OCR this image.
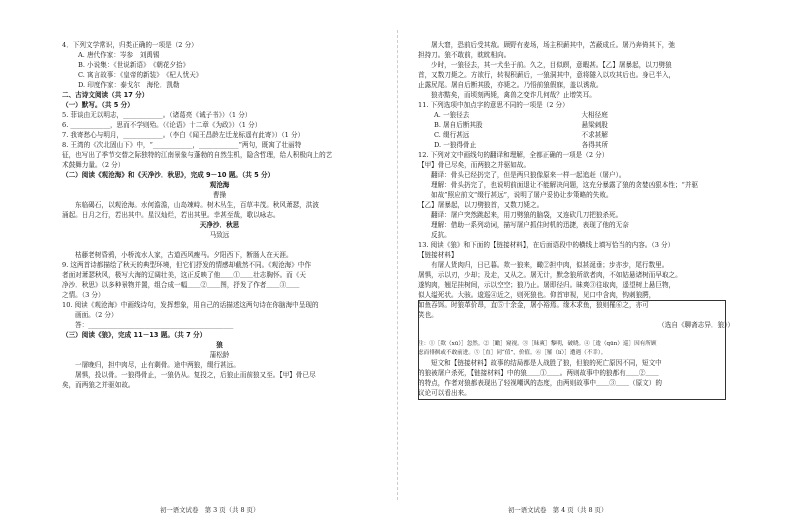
4．下列文学常识，归类正确的一项是（2 分）
A. 唐代作家：岑参　刘禹锡
B. 小说集：《世说新语》　《朝花夕拾》
C. 寓言故事：《皇帝的新装》　《杞人忧天》
D. 印度作家：泰戈尔　海伦．凯勒
二、古诗文阅读（共 17 分）
（一）默写。（共 5 分）
5. 菲谈由无以明志，____________。（诸葛亮《诫子书》）（1 分）
6. ____________，思而不学则殆。（《论语》十二章《为政》）（1 分）
7. 我寄愁心与明月，____________。（李白《闻王昌龄左迁龙标遥有此寄》）（1 分）
8. 王湾的《次北固山下》中，“____________，____________”两句，既寓了壮丽特
征，也写出了季节交替之际独特的江南景象与蓬勃的自然生机，隐含哲理，给人积极向上的艺
术鼓舞力量。（2 分）
（二）阅读《观沧海》和《天净沙．秋思》，完成 9－10 题。（共 5 分）
观沧海
曹操
东临碣石，以观沧海。水何澹澹，山岛竦峙。树木丛生，百草丰茂。秋风萧瑟，洪波
涌起。日月之行，若出其中。星汉灿烂，若出其里。幸甚至哉，歌以咏志。
天净沙．秋思
马致远
枯藤老树昏鸦，小桥流水人家，古道西风瘦马。夕阳西下，断肠人在天涯。
9. 这两首诗都描绘了秋天的典型环境，但它们抒发的情感却截然不同。《观沧海》中作
者面对萧瑟秋风，极写大海的辽阔壮美，这正反映了他＿＿①＿＿壮志胸怀。而《天
净沙．秋思》以多种景物并置，组合成一幅＿＿②＿＿图，抒发了作者＿＿③＿＿
之情。（3 分）
10. 阅读《观沧海》中画线诗句，发挥想象，用自己的话描述这两句诗在你脑海中呈现的
画面。（2 分）
答：____________________________________________
（三）阅读《狼》，完成 11－13 题。（共 7 分）
狼
蒲松龄
一屠晚归，担中肉尽，止有剩骨。途中两狼，缀行甚远。
屠惧，投以骨。一狼得骨止，一狼仍从。复投之，后狼止而前狼又至。【甲】骨已尽
矣，而两狼之并驱如故。
屠大窘，恐前后受其敌。顾野有麦场，场主积薪其中，苫蔽成丘。屠乃奔倚其下，弛
担持刀。狼不敢前，眈眈相向。
少时，一狼径去，其一犬坐于前。久之，目似瞑，意暇甚。【乙】屠暴起，以刀劈狼
首，又数刀毙之。方欲行，转视积薪后，一狼洞其中，意将隧入以攻其后也。身已半入，
止露尻尾。屠自后断其股，亦毙之。乃悟前狼假寐，盖以诱敌。
狼亦黠矣，而顷刻两毙，禽兽之变诈几何哉？止增笑耳。
11. 下列选项中加点字的意思不同的一项是（2 分）
A. 一狼径去　　　　　　　　　　　　　　　　　大相径庭
B. 屠自后断其股　　　　　　　　　　　　　　　悬梁刺股
C. 缀行甚远　　　　　　　　　　　　　　　　　不求甚解
D. 一狼得骨止　　　　　　　　　　　　　　　　各得其所
12. 下列对文中画线句的翻译和理解，全都正确的一项是（2 分）
【甲】骨已尽矣，而两狼之并驱如故。
翻译：骨头已经扔完了，但是两只狼像原来一样一起追赶（屠户）。
理解：骨头扔完了，也说明前面退让不能解决问题，这充分暴露了狼的贪婪凶狠本性；“并驱
如故”照应前文“缀行甚远”，说明了屠户妥协让步策略的失败。
【乙】屠暴起，以刀劈狼首，又数刀毙之。
翻译：屠户突然跳起来，用刀劈狼的脑袋，又连砍几刀把狼杀死。
理解：借助一系列动词，描写屠户抓住时机的迅捷，表现了他的无奈
反抗。
13. 阅读《狼》和下面的【链接材料】，在后面语段中的横线上填写恰当的内容。（3 分）
【链接材料】
有屠人货肉归，日已暮。欻一狼来，瞰②担中肉，似甚涎垂；步亦步，尾行数里。
屠惧，示以刃，少却；及走，又从之。屠无计，默念狼所欲者肉，不如姑悬诸树而早取之。
遂钩肉，翘足挂树间，示以空空；狼乃止。屠即径归。昧爽③往取肉，遥望树上悬巨物，
似人缢死状。大骇。逡巡④近之，则死狼也。仰首审视，见口中含肉，钩刺狼腭，
如鱼吞饵。时狼革价昂，直⑤十余金，屠小裕焉。缘木求鱼，狼则罹⑥之，亦可
笑也。
（选自《聊斋志异．狼》）
注：①［欻（xū）］忽然。②［瞰］窥视。③［昧爽］黎明，破晓。④［逡（qūn）巡］因有所顾
虑而徘徊或不敢前进。⑤［直］同“值”，价值。⑥［罹（lí）］遭遇（不幸）。
短文和【链接材料】故事的结局都是人战胜了狼，但狼的死亡原因不同，短文中
的狼被屠户杀死，【链接材料】中的狼＿＿①＿＿。两则故事中的狼都有＿＿②＿＿
的特点，作者对狼都表现出了轻视嘲讽的态度，由两则故事中＿＿③＿＿（原文）的
议论可以看出来。
初一语文试卷　第 3 页（共 8 页）	初一语文试卷　第 4 页（共 8 页）
